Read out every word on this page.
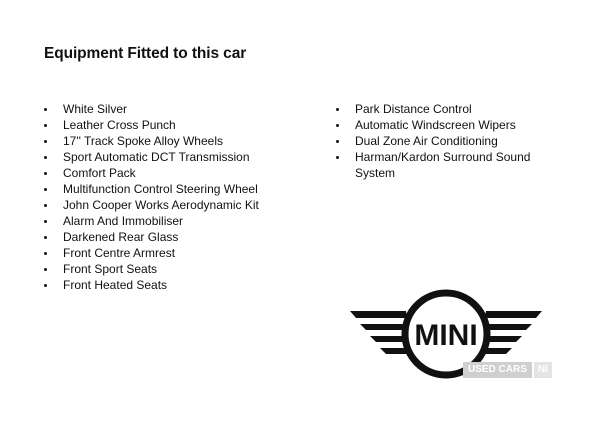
Equipment Fitted to this car
White Silver
Leather Cross Punch
17'' Track Spoke Alloy Wheels
Sport Automatic DCT Transmission
Comfort Pack
Multifunction Control Steering Wheel
John Cooper Works Aerodynamic Kit
Alarm And Immobiliser
Darkened Rear Glass
Front Centre Armrest
Front Sport Seats
Front Heated Seats
Park Distance Control
Automatic Windscreen Wipers
Dual Zone Air Conditioning
Harman/Kardon Surround Sound System
MINI
USED CARS	NI
